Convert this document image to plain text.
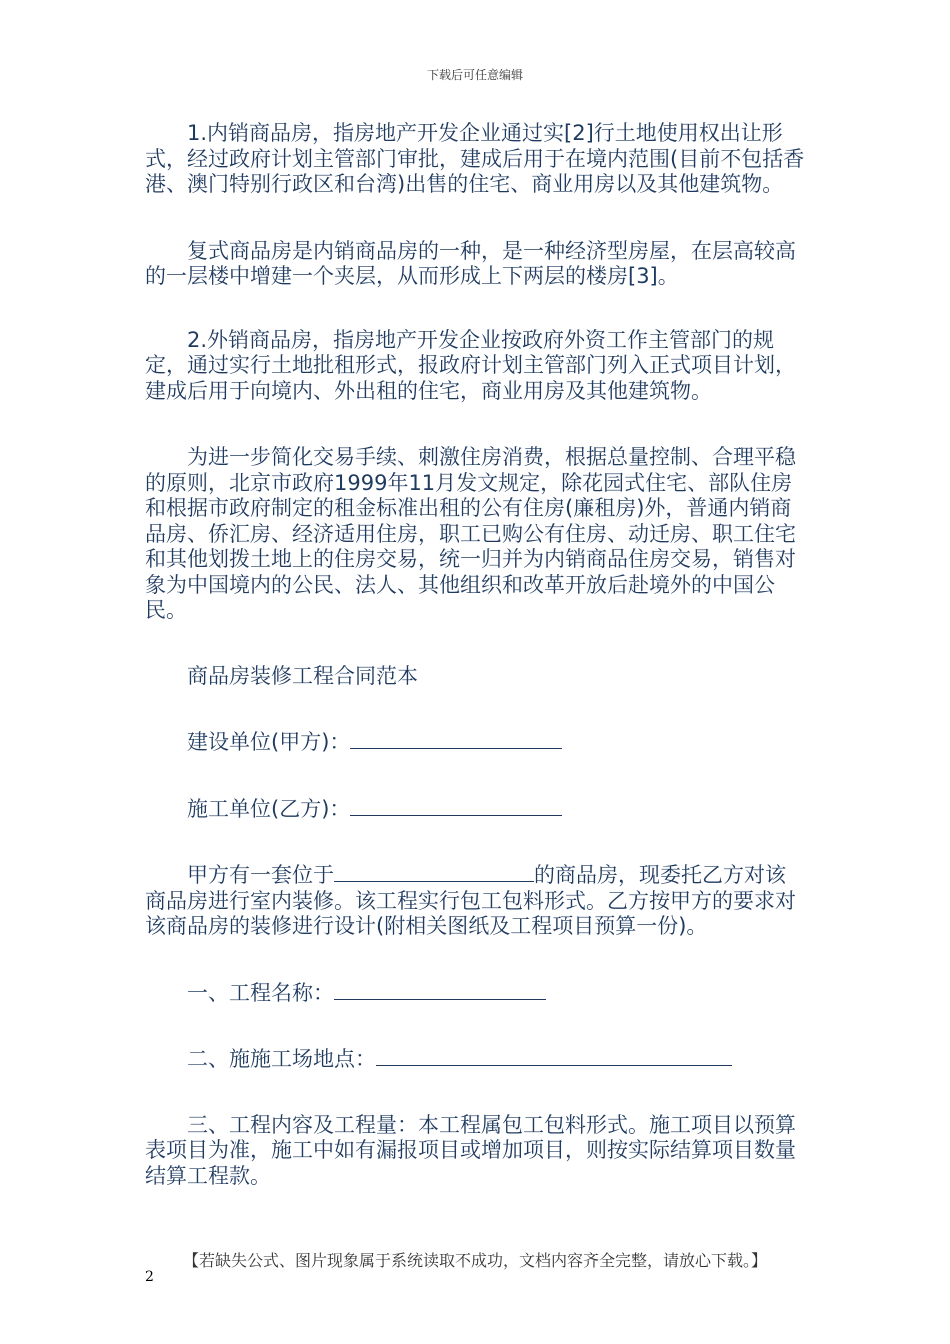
下载后可任意编辑

1.内销商品房，指房地产开发企业通过实[2]行土地使用权出让形式，经过政府计划主管部门审批，建成后用于在境内范围(目前不包括香港、澳门特别行政区和台湾)出售的住宅、商业用房以及其他建筑物。

复式商品房是内销商品房的一种，是一种经济型房屋，在层高较高的一层楼中增建一个夹层，从而形成上下两层的楼房[3]。

2.外销商品房，指房地产开发企业按政府外资工作主管部门的规定，通过实行土地批租形式，报政府计划主管部门列入正式项目计划，建成后用于向境内、外出租的住宅，商业用房及其他建筑物。

为进一步简化交易手续、刺激住房消费，根据总量控制、合理平稳的原则，北京市政府1999年11月发文规定，除花园式住宅、部队住房和根据市政府制定的租金标准出租的公有住房(廉租房)外，普通内销商品房、侨汇房、经济适用住房，职工已购公有住房、动迁房、职工住宅和其他划拨土地上的住房交易，统一归并为内销商品住房交易，销售对象为中国境内的公民、法人、其他组织和改革开放后赴境外的中国公民。

商品房装修工程合同范本

建设单位(甲方)：

施工单位(乙方)：

甲方有一套位于	的商品房，现委托乙方对该商品房进行室内装修。该工程实行包工包料形式。乙方按甲方的要求对该商品房的装修进行设计(附相关图纸及工程项目预算一份)。

一、工程名称：

二、施施工场地点：

三、工程内容及工程量：本工程属包工包料形式。施工项目以预算表项目为准，施工中如有漏报项目或增加项目，则按实际结算项目数量结算工程款。

【若缺失公式、图片现象属于系统读取不成功，文档内容齐全完整，请放心下载。】
2
